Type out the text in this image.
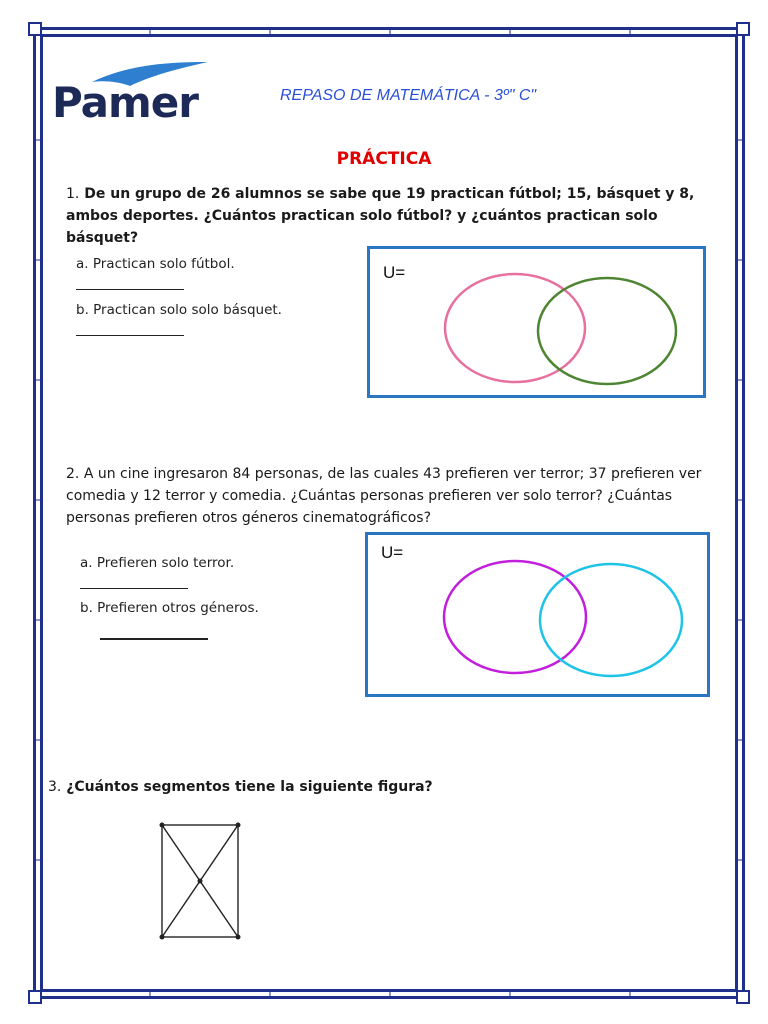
Pamer	REPASO DE MATEMÁTICA - 3º" C"
PRÁCTICA
1. De un grupo de 26 alumnos se sabe que 19 practican fútbol; 15, básquet y 8, ambos deportes. ¿Cuántos practican solo fútbol? y ¿cuántos practican solo básquet?
a. Practican solo fútbol.
b. Practican solo solo básquet.
U=
2. A un cine ingresaron 84 personas, de las cuales 43 prefieren ver terror; 37 prefieren ver comedia y 12 terror y comedia. ¿Cuántas personas prefieren ver solo terror? ¿Cuántas personas prefieren otros géneros cinematográficos?
a. Prefieren solo terror.
b. Prefieren otros géneros.
U=
3. ¿Cuántos segmentos tiene la siguiente figura?
